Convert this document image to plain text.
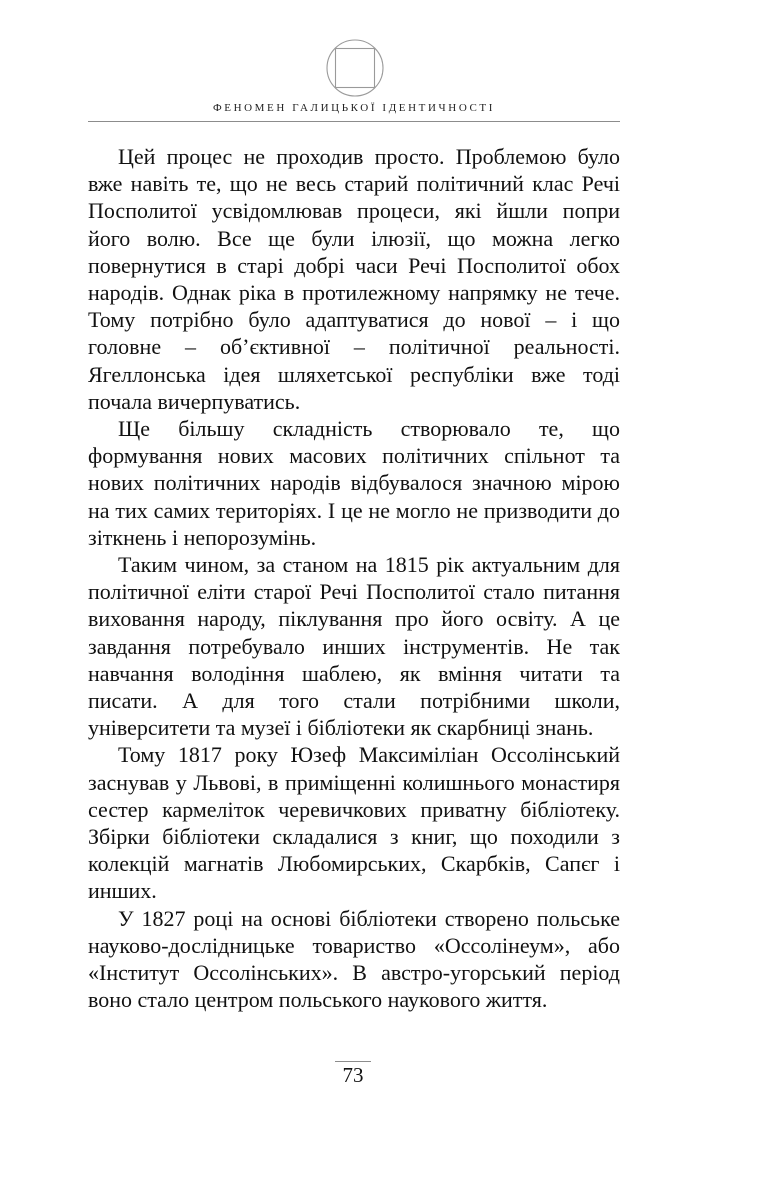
ФЕНОМЕН ГАЛИЦЬКОЇ ІДЕНТИЧНОСТІ

Цей процес не проходив просто. Проблемою було вже навіть те, що не весь старий політичний клас Речі Посполитої усвідомлював процеси, які йшли попри його волю. Все ще були ілюзії, що можна легко повернутися в старі добрі часи Речі Посполитої обох народів. Однак ріка в протилежному напрямку не тече. Тому потрібно було адаптуватися до нової – і що головне – об’єктивної – політичної реальності. Ягеллонська ідея шляхетської республіки вже тоді почала вичерпуватись.

Ще більшу складність створювало те, що формування нових масових політичних спільнот та нових політичних народів відбувалося значною мірою на тих самих територіях. І це не могло не призводити до зіткнень і непорозумінь.

Таким чином, за станом на 1815 рік актуальним для політичної еліти старої Речі Посполитої стало питання виховання народу, піклування про його освіту. А це завдання потребувало инших інструментів. Не так навчання володіння шаблею, як вміння читати та писати. А для того стали потрібними школи, університети та музеї і бібліотеки як скарбниці знань.

Тому 1817 року Юзеф Максиміліан Оссолінський заснував у Львові, в приміщенні колишнього монастиря сестер кармеліток черевичкових приватну бібліотеку. Збірки бібліотеки складалися з книг, що походили з колекцій магнатів Любомирських, Скарбків, Сапєг і инших.

У 1827 році на основі бібліотеки створено польське науково-дослідницьке товариство «Оссолінеум», або «Інститут Оссолінських». В австро-угорський період воно стало центром польського наукового життя.

73
